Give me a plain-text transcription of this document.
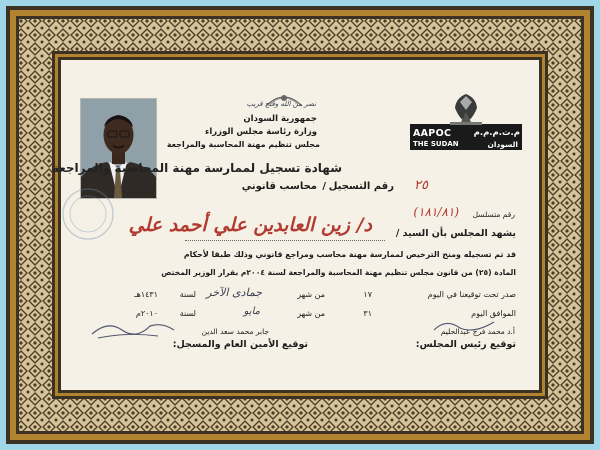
نصر من الله وفتح قريب
AAPOC
THE SUDAN
م.ت.م.م.م
السودان
جمهورية السودان
وزارة رئاسة مجلس الوزراء
مجلس تنظيم مهنة المحاسبة والمراجعة
شهادة تسجيل لممارسة مهنة المحاسبة والمراجعة
محاسب قانوني / رقم التسجيل ٢٥
رقم متسلسل
(١٨١/٨١)
يشهد المجلس بأن السيد /
د/ زين العابدين علي أحمد علي
قد تم تسجيله ومنح الترخيص لممارسة مهنة محاسب ومراجع قانوني وذلك طبقا لأحكام
المادة (٢٥) من قانون مجلس تنظيم مهنة المحاسبة والمراجعة لسنة ٢٠٠٤م بقرار الوزير المختص
صدر تحت توقيعنا في اليوم
١٧
من شهر
جمادى الآخر
لسنة
١٤٣١هـ
الموافق اليوم
٣١
من شهر
مايو
لسنة
٢٠١٠م
أ.د محمد فرج عبدالحليم
توقيع رئيس المجلس:
جابر محمد سعد الدين
توقيع الأمين العام والمسجل:
